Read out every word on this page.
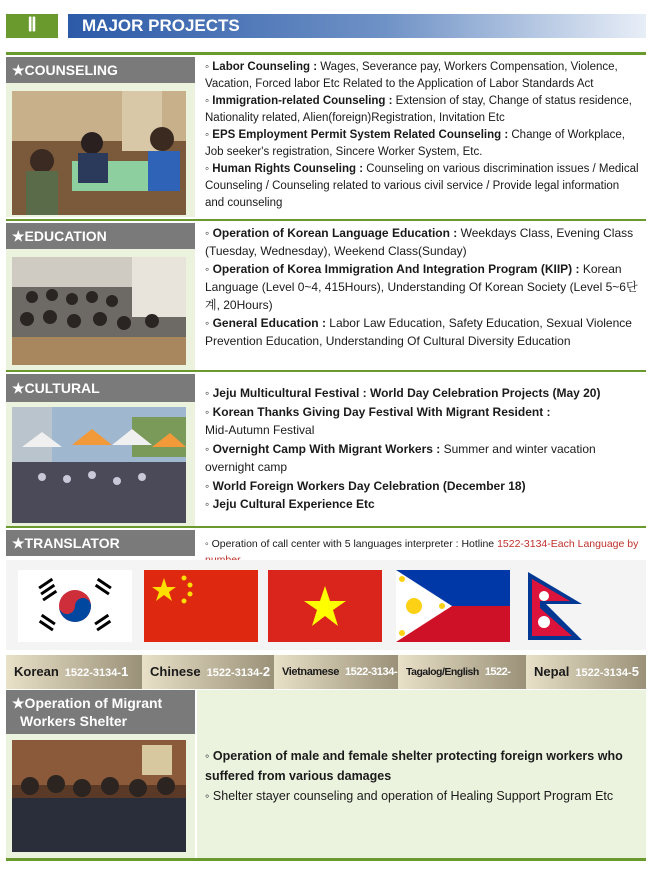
Ⅱ	MAJOR PROJECTS
★COUNSELING	◦ Labor Counseling : Wages, Severance pay, Workers Compensation, Violence, Vacation, Forced labor Etc Related to the Application of Labor Standards Act

◦ Immigration-related Counseling : Extension of stay, Change of status residence, Nationality related, Alien(foreign)Registration, Invitation Etc

◦ EPS Employment Permit System Related Counseling : Change of Workplace, Job seeker's registration, Sincere Worker System, Etc.

◦ Human Rights Counseling : Counseling on various discrimination issues / Medical Counseling / Counseling related to various civil service / Provide legal information and counseling

★EDUCATION	◦ Operation of Korean Language Education : Weekdays Class, Evening Class (Tuesday, Wednesday), Weekend Class(Sunday)

◦ Operation of Korea Immigration And Integration Program (KIIP) : Korean Language (Level 0~4, 415Hours), Understanding Of Korean Society (Level 5~6단계, 20Hours)

◦ General Education : Labor Law Education, Safety Education, Sexual Violence Prevention Education, Understanding Of Cultural Diversity Education

★CULTURAL	◦ Jeju Multicultural Festival : World Day Celebration Projects (May 20)

◦ Korean Thanks Giving Day Festival With Migrant Resident :
Mid-Autumn Festival

◦ Overnight Camp With Migrant Workers : Summer and winter vacation overnight camp

◦ World Foreign Workers Day Celebration (December 18)

◦ Jeju Cultural Experience Etc

★TRANSLATOR	◦ Operation of call center with 5 languages interpreter : Hotline 1522-3134-Each Language by
Korean 1522-3134-1	Chinese 1522-3134-2	Vietnamese 1522-3134- Tagalog/English 1522-	Nepal 1522-3134-5
★Operation of Migrant
Workers Shelter

◦ Operation of male and female shelter protecting foreign workers who suffered from various damages

◦ Shelter stayer counseling and operation of Healing Support Program Etc
